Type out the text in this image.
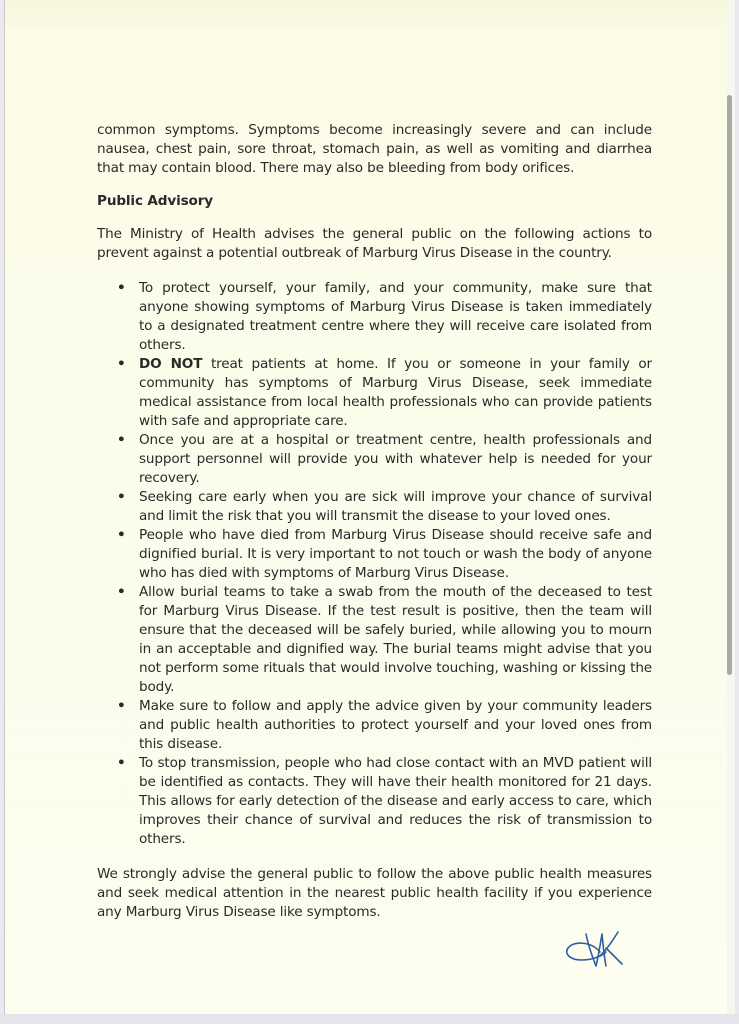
common symptoms. Symptoms become increasingly severe and can include nausea, chest pain, sore throat, stomach pain, as well as vomiting and diarrhea that may contain blood. There may also be bleeding from body orifices.

Public Advisory

The Ministry of Health advises the general public on the following actions to prevent against a potential outbreak of Marburg Virus Disease in the country.

• To protect yourself, your family, and your community, make sure that anyone showing symptoms of Marburg Virus Disease is taken immediately to a designated treatment centre where they will receive care isolated from others.
• DO NOT treat patients at home. If you or someone in your family or community has symptoms of Marburg Virus Disease, seek immediate medical assistance from local health professionals who can provide patients with safe and appropriate care.
• Once you are at a hospital or treatment centre, health professionals and support personnel will provide you with whatever help is needed for your recovery.
• Seeking care early when you are sick will improve your chance of survival and limit the risk that you will transmit the disease to your loved ones.
• People who have died from Marburg Virus Disease should receive safe and dignified burial. It is very important to not touch or wash the body of anyone who has died with symptoms of Marburg Virus Disease.
• Allow burial teams to take a swab from the mouth of the deceased to test for Marburg Virus Disease. If the test result is positive, then the team will ensure that the deceased will be safely buried, while allowing you to mourn in an acceptable and dignified way. The burial teams might advise that you not perform some rituals that would involve touching, washing or kissing the body.
• Make sure to follow and apply the advice given by your community leaders and public health authorities to protect yourself and your loved ones from this disease.
• To stop transmission, people who had close contact with an MVD patient will be identified as contacts. They will have their health monitored for 21 days. This allows for early detection of the disease and early access to care, which improves their chance of survival and reduces the risk of transmission to others.

We strongly advise the general public to follow the above public health measures and seek medical attention in the nearest public health facility if you experience any Marburg Virus Disease like symptoms.
